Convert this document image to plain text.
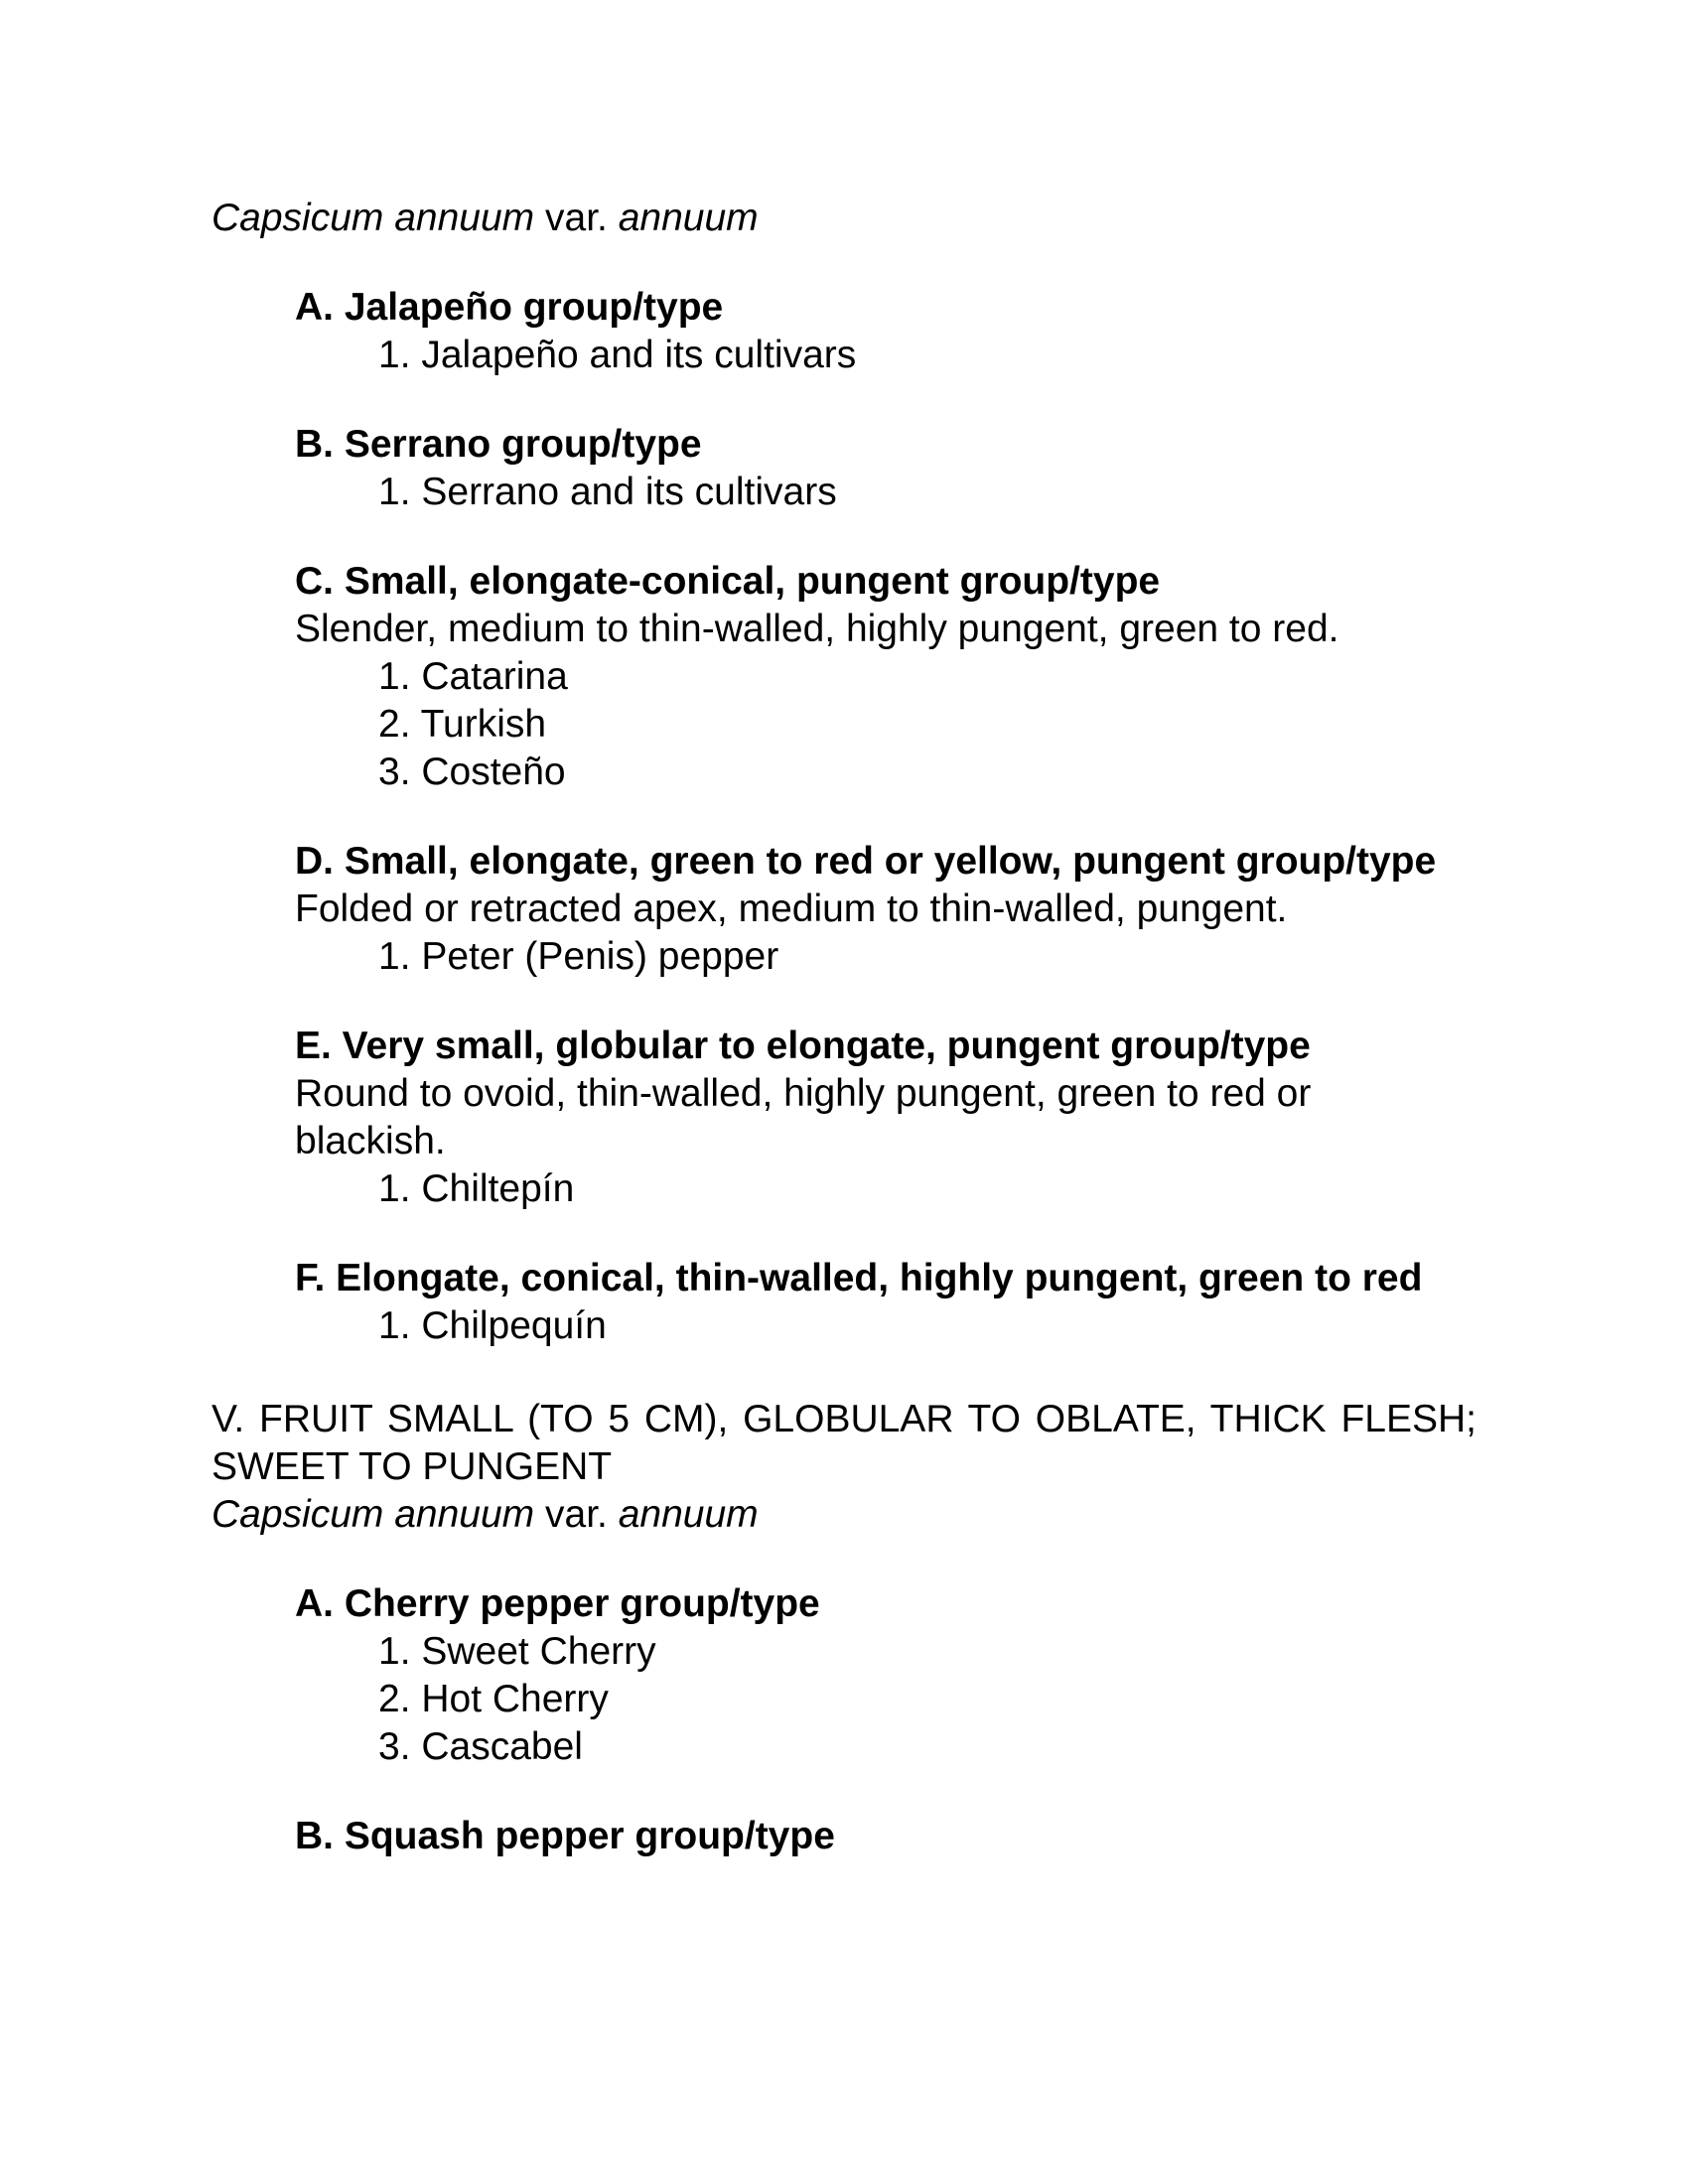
Capsicum annuum var. annuum

A. Jalapeño group/type

1. Jalapeño and its cultivars

B. Serrano group/type

1. Serrano and its cultivars

C. Small, elongate-conical, pungent group/type

Slender, medium to thin-walled, highly pungent, green to red.

1. Catarina
2. Turkish
3. Costeño

D. Small, elongate, green to red or yellow, pungent group/type

Folded or retracted apex, medium to thin-walled, pungent.

1. Peter (Penis) pepper

E. Very small, globular to elongate, pungent group/type

Round to ovoid, thin-walled, highly pungent, green to red or blackish.

1. Chiltepín

F. Elongate, conical, thin-walled, highly pungent, green to red

1. Chilpequín

V. FRUIT SMALL (TO 5 CM), GLOBULAR TO OBLATE, THICK FLESH; SWEET TO PUNGENT

Capsicum annuum var. annuum

A. Cherry pepper group/type

1. Sweet Cherry
2. Hot Cherry
3. Cascabel

B. Squash pepper group/type
